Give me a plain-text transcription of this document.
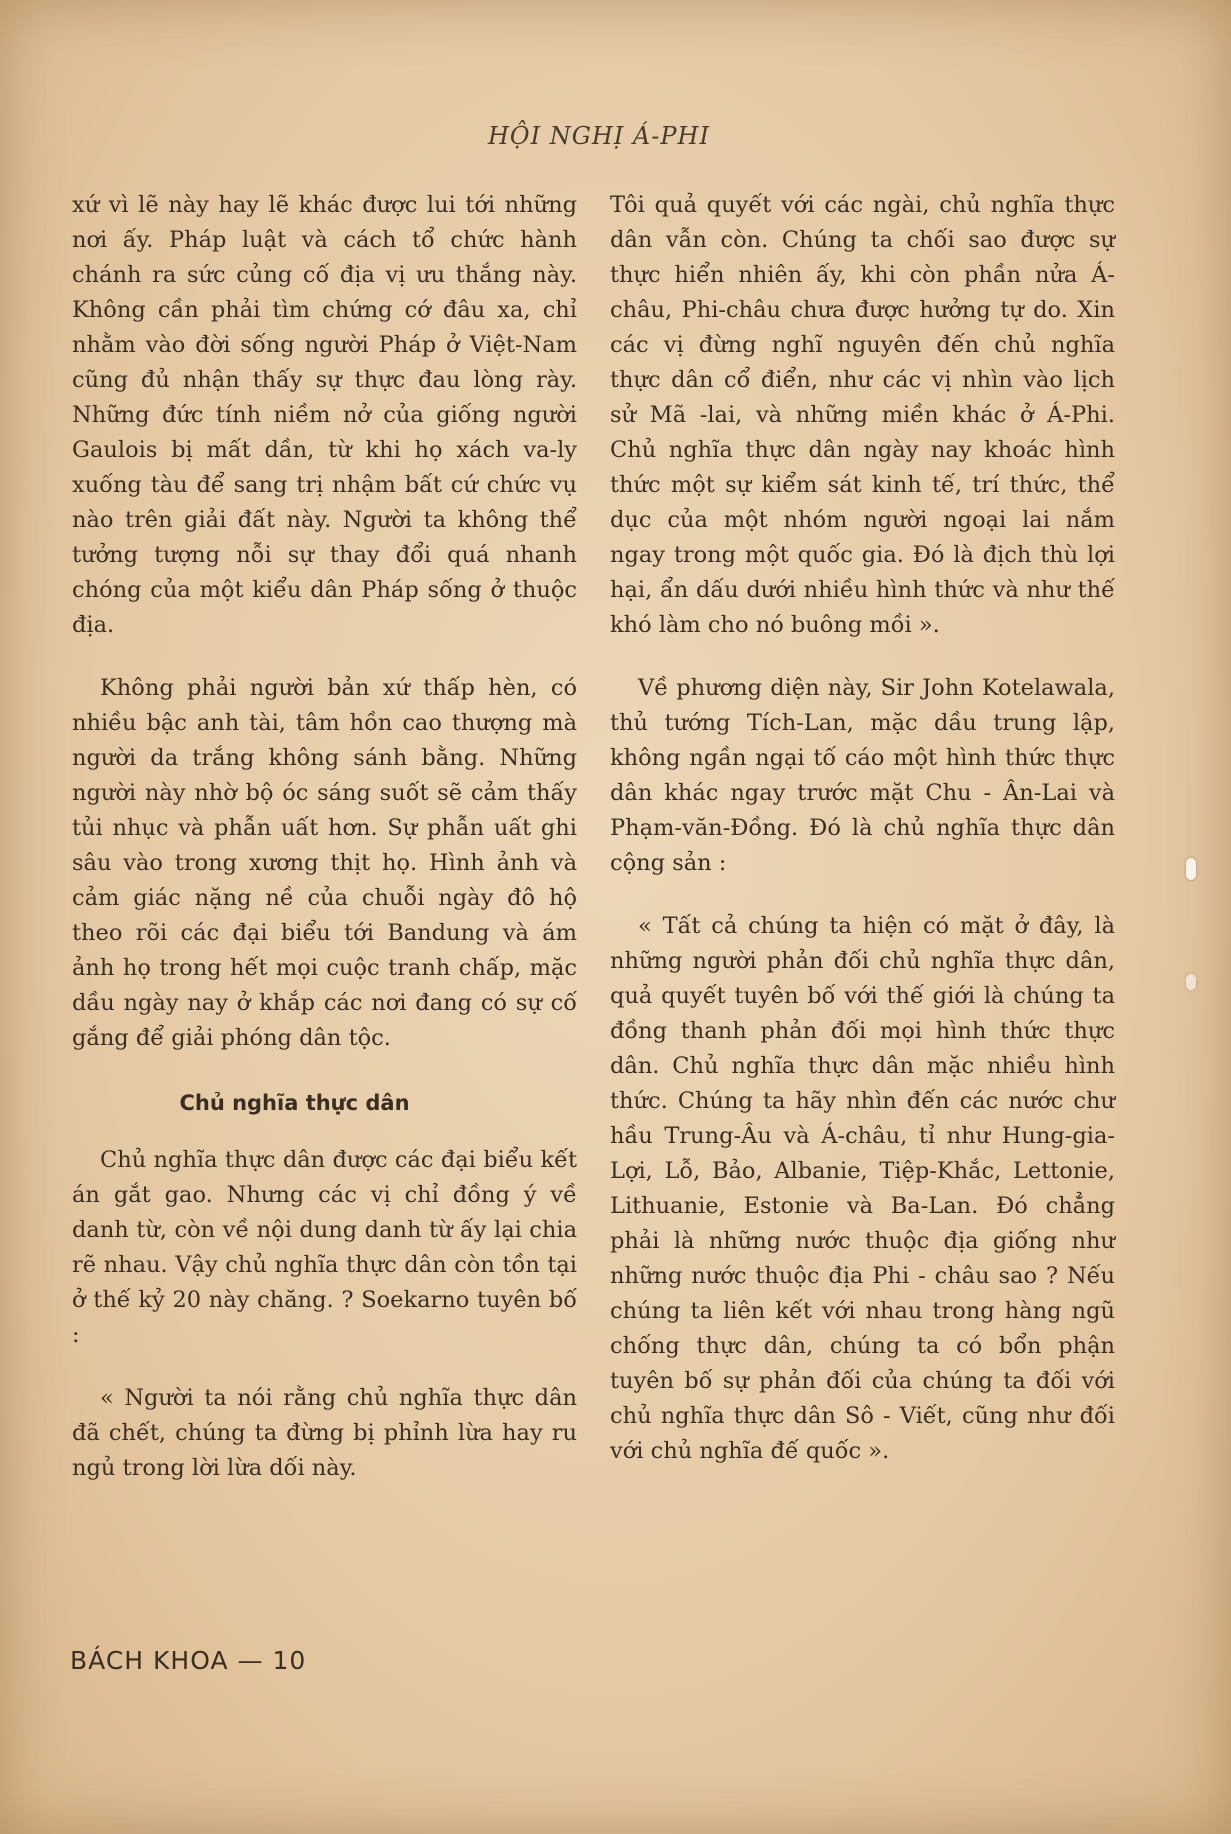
HỘI NGHỊ Á-PHI

xứ vì lẽ này hay lẽ khác được lui tới những nơi ấy. Pháp luật và cách tổ chức hành chánh ra sức củng cố địa vị ưu thắng này. Không cần phải tìm chứng cớ đâu xa, chỉ nhằm vào đời sống người Pháp ở Việt-Nam cũng đủ nhận thấy sự thực đau lòng rày. Những đức tính niềm nở của giống người Gaulois bị mất dần, từ khi họ xách va-ly xuống tàu để sang trị nhậm bất cứ chức vụ nào trên giải đất này. Người ta không thể tưởng tượng nỗi sự thay đổi quá nhanh chóng của một kiểu dân Pháp sống ở thuộc địa.

Không phải người bản xứ thấp hèn, có nhiều bậc anh tài, tâm hồn cao thượng mà người da trắng không sánh bằng. Những người này nhờ bộ óc sáng suốt sẽ cảm thấy tủi nhục và phẫn uất hơn. Sự phẫn uất ghi sâu vào trong xương thịt họ. Hình ảnh và cảm giác nặng nề của chuỗi ngày đô hộ theo rõi các đại biểu tới Bandung và ám ảnh họ trong hết mọi cuộc tranh chấp, mặc dầu ngày nay ở khắp các nơi đang có sự cố gắng để giải phóng dân tộc.

Chủ nghĩa thực dân

Chủ nghĩa thực dân được các đại biểu kết án gắt gao. Nhưng các vị chỉ đồng ý về danh từ, còn về nội dung danh từ ấy lại chia rẽ nhau. Vậy chủ nghĩa thực dân còn tồn tại ở thế kỷ 20 này chăng. ? Soekarno tuyên bố :

« Người ta nói rằng chủ nghĩa thực dân đã chết, chúng ta đừng bị phỉnh lừa hay ru ngủ trong lời lừa dối này.

Tôi quả quyết với các ngài, chủ nghĩa thực dân vẫn còn. Chúng ta chối sao được sự thực hiển nhiên ấy, khi còn phần nửa Á-châu, Phi-châu chưa được hưởng tự do. Xin các vị đừng nghĩ nguyên đến chủ nghĩa thực dân cổ điển, như các vị nhìn vào lịch sử Mã -lai, và những miền khác ở Á-Phi. Chủ nghĩa thực dân ngày nay khoác hình thức một sự kiểm sát kinh tế, trí thức, thể dục của một nhóm người ngoại lai nắm ngay trong một quốc gia. Đó là địch thù lợi hại, ẩn dấu dưới nhiều hình thức và như thế khó làm cho nó buông mồi ».

Về phương diện này, Sir John Kotelawala, thủ tướng Tích-Lan, mặc dầu trung lập, không ngần ngại tố cáo một hình thức thực dân khác ngay trước mặt Chu - Ân-Lai và Phạm-văn-Đồng. Đó là chủ nghĩa thực dân cộng sản :

« Tất cả chúng ta hiện có mặt ở đây, là những người phản đối chủ nghĩa thực dân, quả quyết tuyên bố với thế giới là chúng ta đồng thanh phản đối mọi hình thức thực dân. Chủ nghĩa thực dân mặc nhiều hình thức. Chúng ta hãy nhìn đến các nước chư hầu Trung-Âu và Á-châu, tỉ như Hung-gia-Lợi, Lỗ, Bảo, Albanie, Tiệp-Khắc, Lettonie, Lithuanie, Estonie và Ba-Lan. Đó chẳng phải là những nước thuộc địa giống như những nước thuộc địa Phi - châu sao ? Nếu chúng ta liên kết với nhau trong hàng ngũ chống thực dân, chúng ta có bổn phận tuyên bố sự phản đối của chúng ta đối với chủ nghĩa thực dân Sô - Viết, cũng như đối với chủ nghĩa đế quốc ».

BÁCH KHOA — 10
